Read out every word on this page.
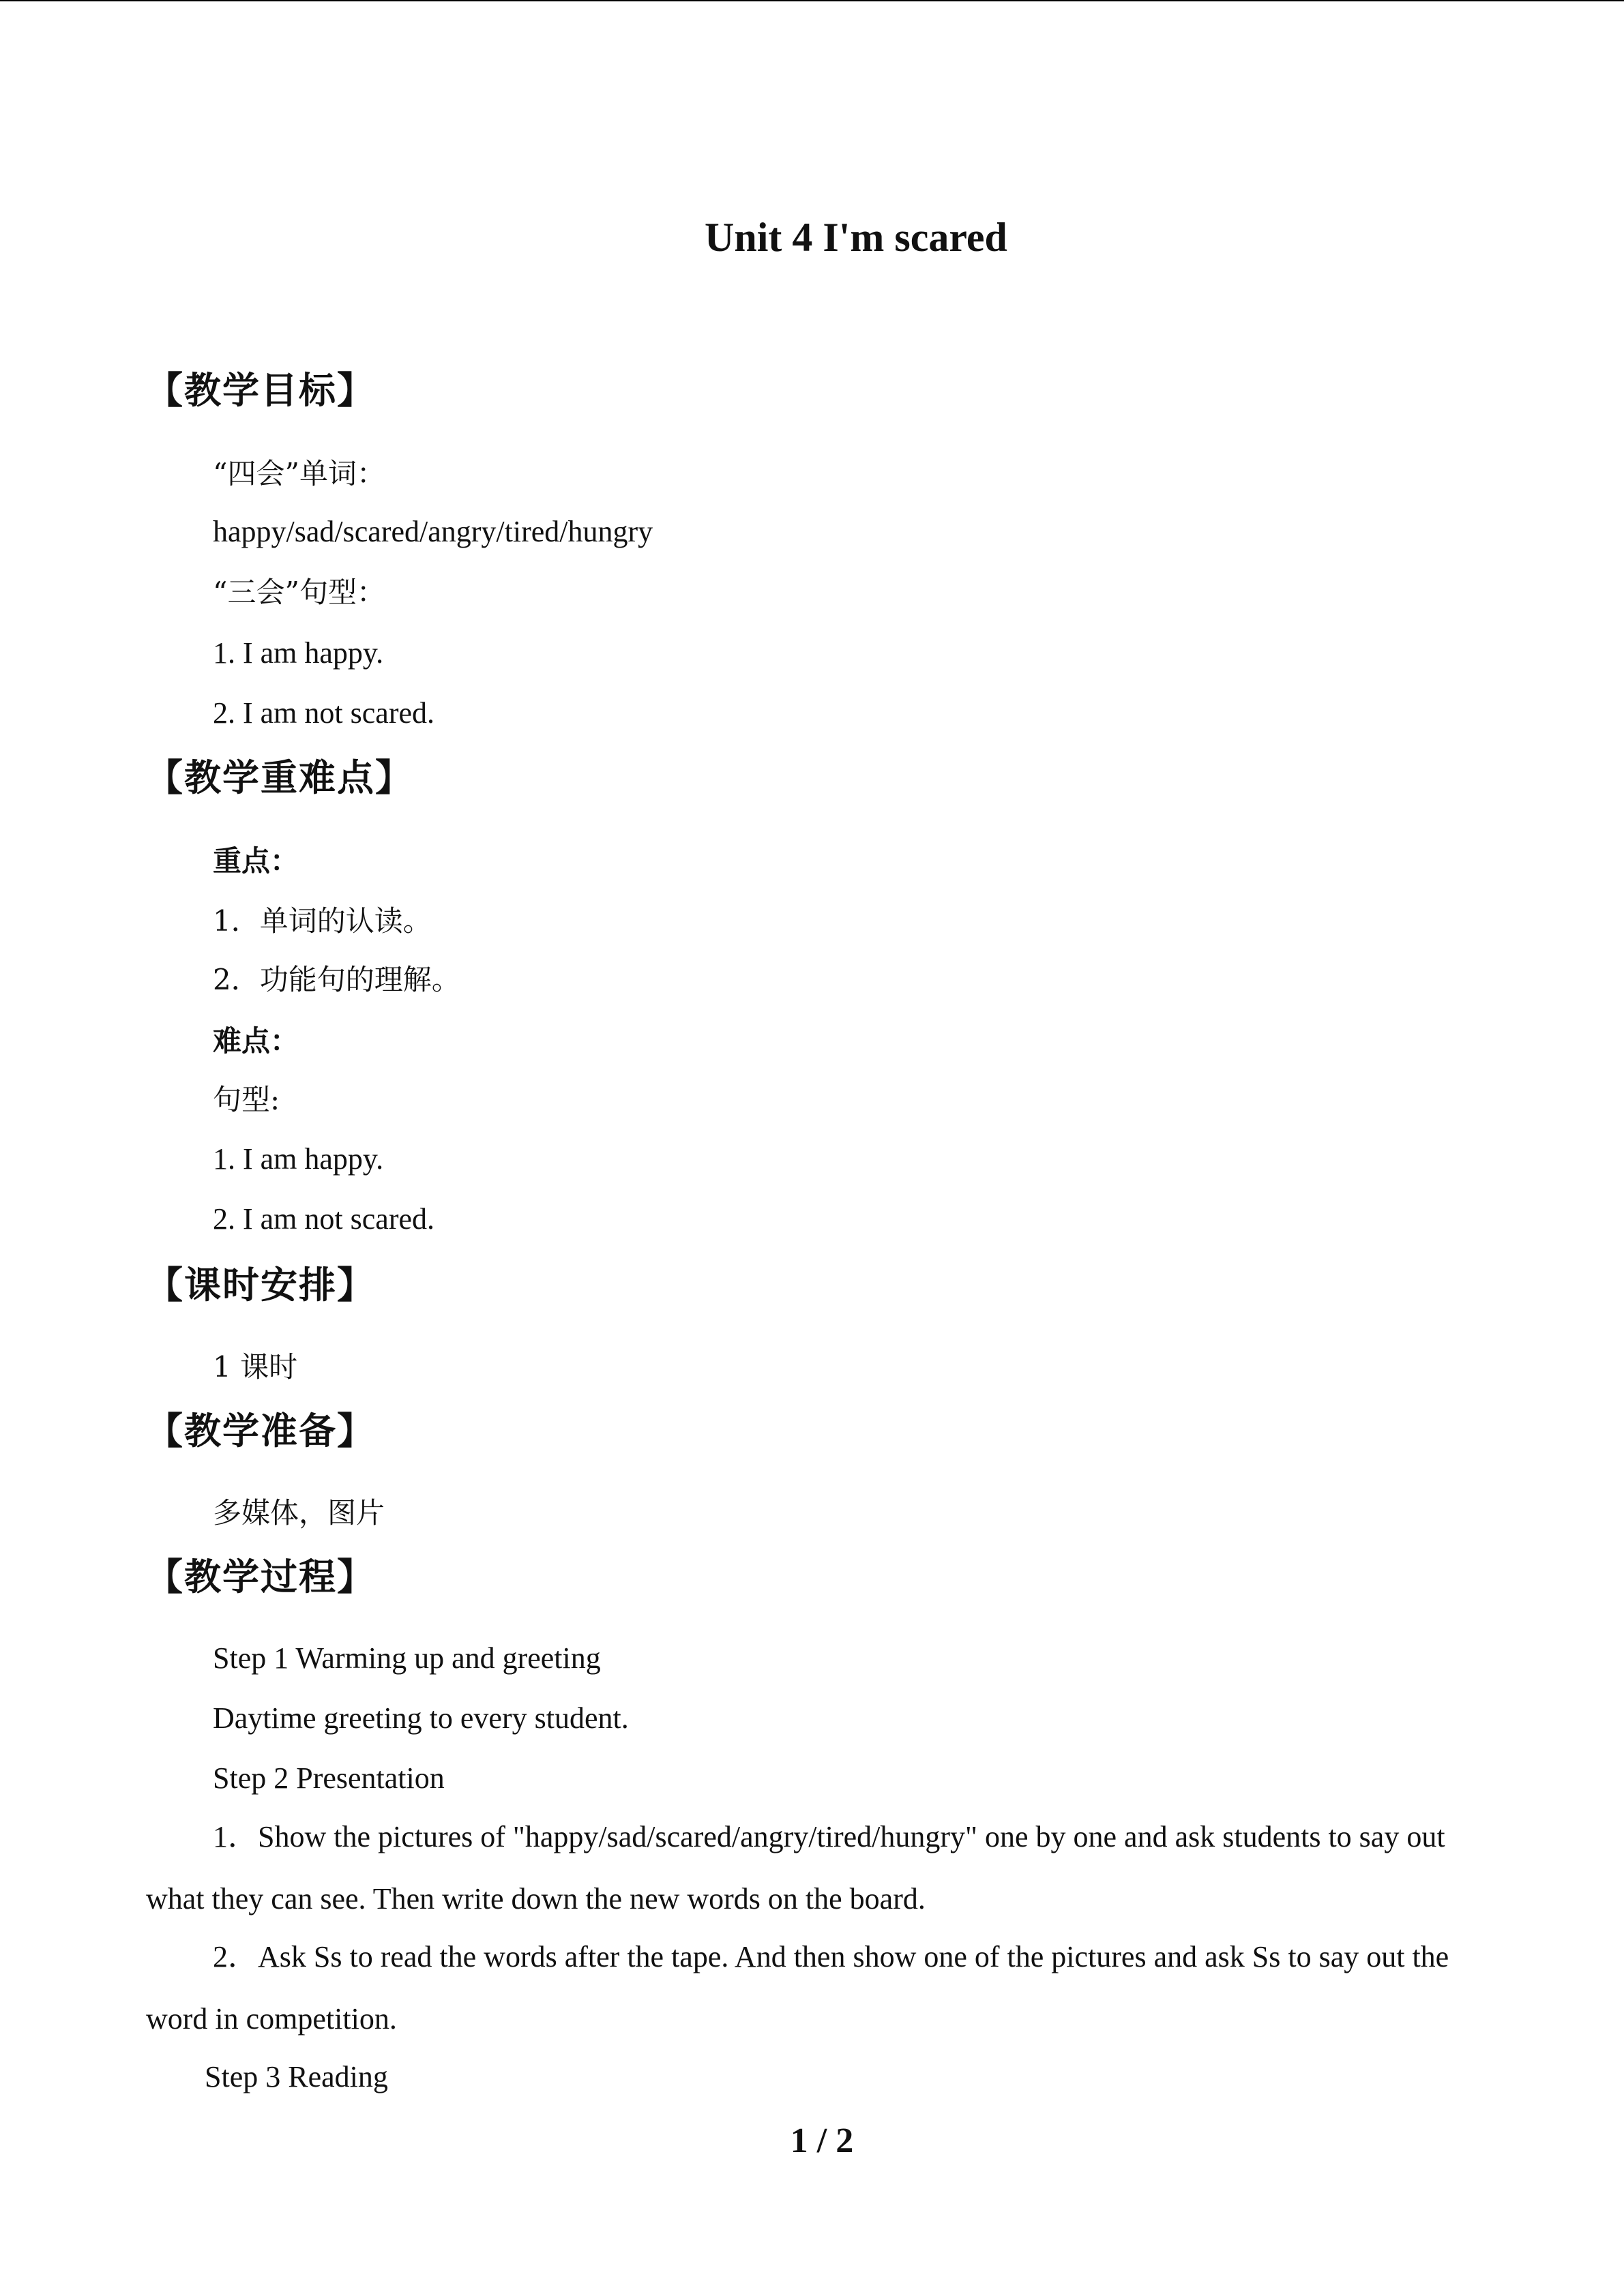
Unit 4 I'm scared
【教学目标】
“四会”单词：
happy/sad/scared/angry/tired/hungry
“三会”句型：
1. I am happy.
2. I am not scared.
【教学重难点】
重点：
1．单词的认读。
2．功能句的理解。
难点：
句型:
1. I am happy.
2. I am not scared.
【课时安排】
1 课时
【教学准备】
多媒体，图片
【教学过程】
Step 1 Warming up and greeting
Daytime greeting to every student.
Step 2 Presentation
1．Show the pictures of "happy/sad/scared/angry/tired/hungry" one by one and ask students to say out what they can see. Then write down the new words on the board.
2．Ask Ss to read the words after the tape. And then show one of the pictures and ask Ss to say out the word in competition.
Step 3 Reading
1 / 2
